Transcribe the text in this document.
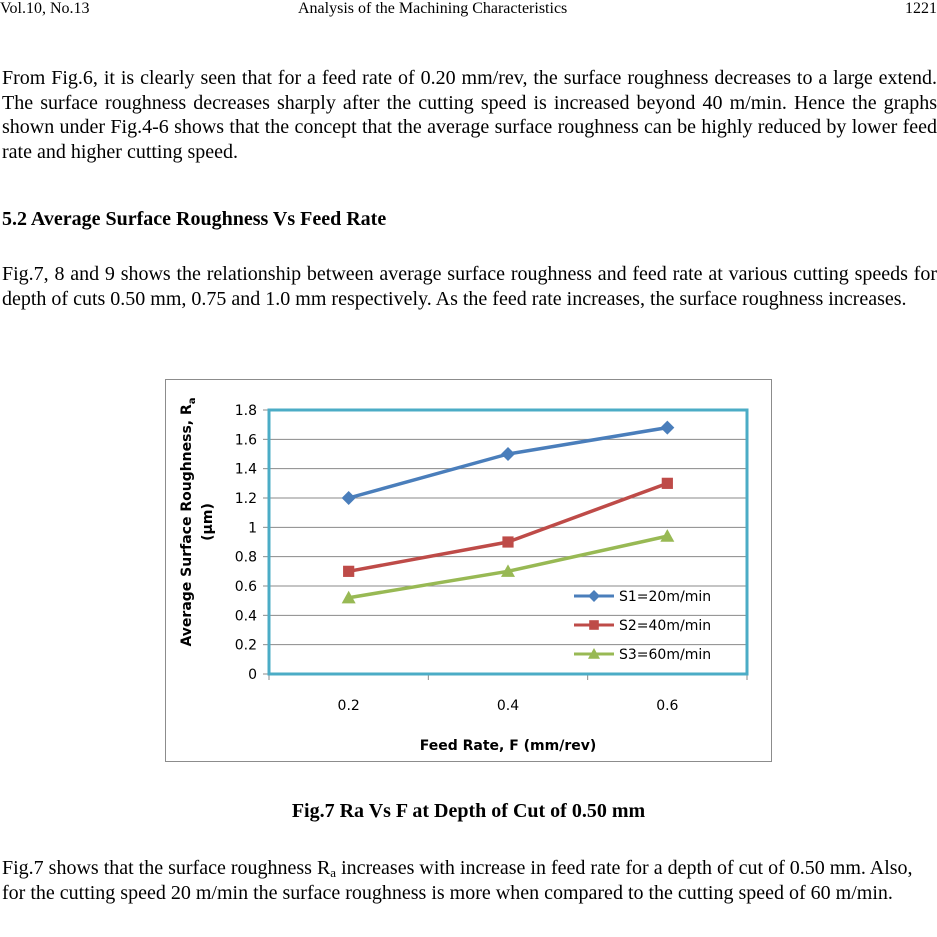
Vol.10, No.13	Analysis of the Machining Characteristics	1221

From Fig.6, it is clearly seen that for a feed rate of 0.20 mm/rev, the surface roughness decreases to a large extend. The surface roughness decreases sharply after the cutting speed is increased beyond 40 m/min. Hence the graphs shown under Fig.4-6 shows that the concept that the average surface roughness can be highly reduced by lower feed rate and higher cutting speed.

5.2 Average Surface Roughness Vs Feed Rate

Fig.7, 8 and 9 shows the relationship between average surface roughness and feed rate at various cutting speeds for depth of cuts 0.50 mm, 0.75 and 1.0 mm respectively. As the feed rate increases, the surface roughness increases.

0
0.2
0.4
0.6
0.8
1
1.2
1.4
1.6
1.8
0.2	0.4	0.6
S1=20m/min
S2=40m/min
S3=60m/min
Feed Rate, F (mm/rev)
Average Surface Roughness, $R_a$
(μm)
Fig.7 Ra Vs F at Depth of Cut of 0.50 mm

Fig.7 shows that the surface roughness $R_a$ increases with increase in feed rate for a depth of cut of 0.50 mm. Also, for the cutting speed 20 m/min the surface roughness is more when compared to the cutting speed of 60 m/min.
